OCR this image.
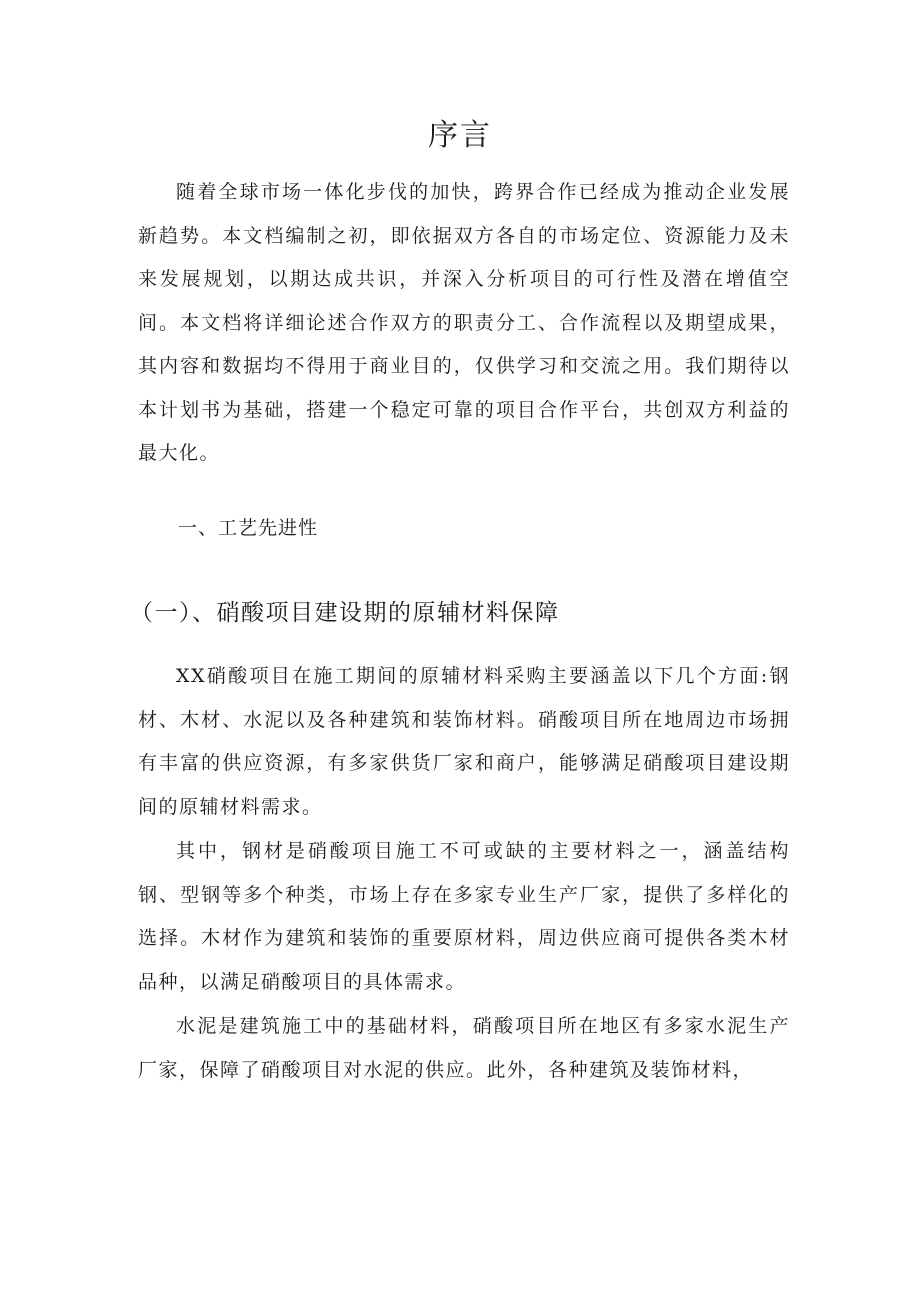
序言

随着全球市场一体化步伐的加快，跨界合作已经成为推动企业发展新趋势。本文档编制之初，即依据双方各自的市场定位、资源能力及未来发展规划，以期达成共识，并深入分析项目的可行性及潜在增值空间。本文档将详细论述合作双方的职责分工、合作流程以及期望成果，其内容和数据均不得用于商业目的，仅供学习和交流之用。我们期待以本计划书为基础，搭建一个稳定可靠的项目合作平台，共创双方利益的最大化。

一、工艺先进性
（一）、硝酸项目建设期的原辅材料保障

XX硝酸项目在施工期间的原辅材料采购主要涵盖以下几个方面:钢材、木材、水泥以及各种建筑和装饰材料。硝酸项目所在地周边市场拥有丰富的供应资源，有多家供货厂家和商户，能够满足硝酸项目建设期间的原辅材料需求。

其中，钢材是硝酸项目施工不可或缺的主要材料之一，涵盖结构钢、型钢等多个种类，市场上存在多家专业生产厂家，提供了多样化的选择。木材作为建筑和装饰的重要原材料，周边供应商可提供各类木材品种，以满足硝酸项目的具体需求。

水泥是建筑施工中的基础材料，硝酸项目所在地区有多家水泥生产厂家，保障了硝酸项目对水泥的供应。此外，各种建筑及装饰材料，
